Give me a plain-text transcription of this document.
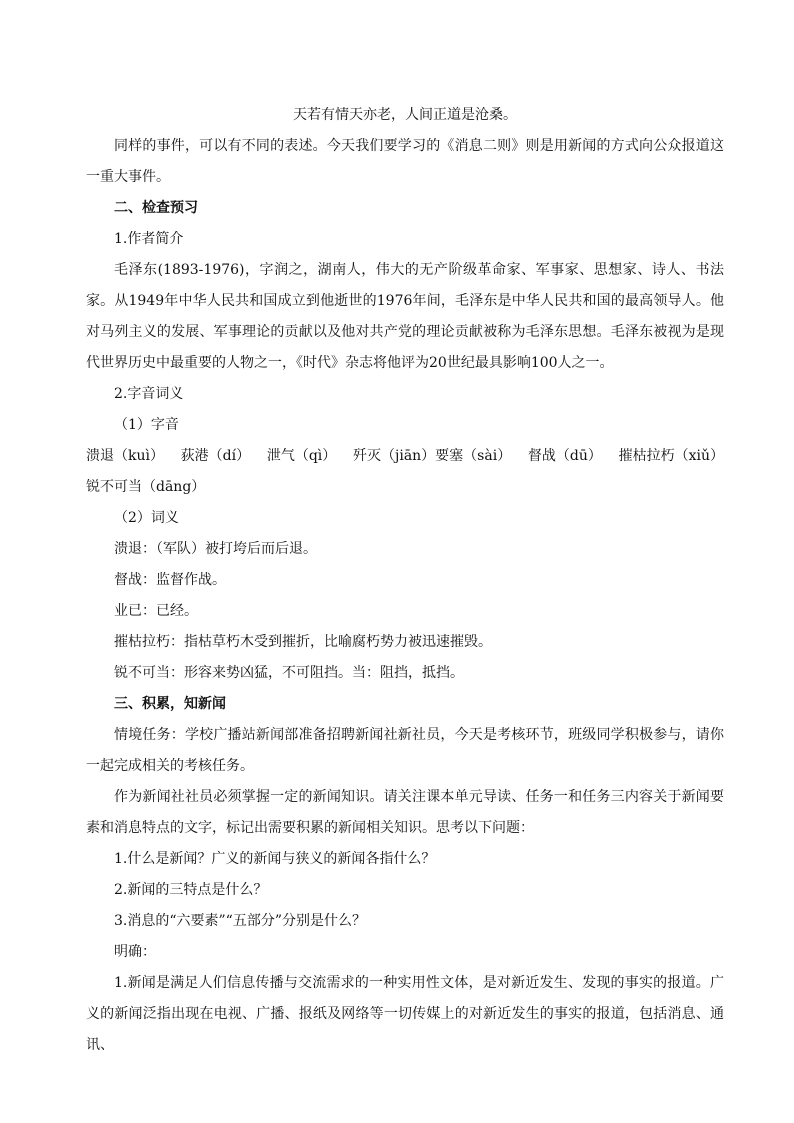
天若有情天亦老，人间正道是沧桑。

同样的事件，可以有不同的表述。今天我们要学习的《消息二则》则是用新闻的方式向公众报道这一重大事件。

二、检查预习

1.作者简介

毛泽东(1893-1976)，字润之，湖南人，伟大的无产阶级革命家、军事家、思想家、诗人、书法家。从1949年中华人民共和国成立到他逝世的1976年间，毛泽东是中华人民共和国的最高领导人。他对马列主义的发展、军事理论的贡献以及他对共产党的理论贡献被称为毛泽东思想。毛泽东被视为是现代世界历史中最重要的人物之一，《时代》杂志将他评为20世纪最具影响100人之一。

2.字音词义

（1）字音

溃退（kuì） 荻港（dí） 泄气（qì） 歼灭（jiān）要塞（sài） 督战（dū） 摧枯拉朽（xiǔ）

锐不可当（dāng）

（2）词义

溃退：（军队）被打垮后而后退。

督战：监督作战。

业已：已经。

摧枯拉朽：指枯草朽木受到摧折，比喻腐朽势力被迅速摧毁。

锐不可当：形容来势凶猛，不可阻挡。当：阻挡，抵挡。

三、积累，知新闻

情境任务：学校广播站新闻部准备招聘新闻社新社员，今天是考核环节，班级同学积极参与，请你一起完成相关的考核任务。

作为新闻社社员必须掌握一定的新闻知识。请关注课本单元导读、任务一和任务三内容关于新闻要素和消息特点的文字，标记出需要积累的新闻相关知识。思考以下问题：

1.什么是新闻？广义的新闻与狭义的新闻各指什么？

2.新闻的三特点是什么？

3.消息的“六要素”“五部分”分别是什么？

明确：

1.新闻是满足人们信息传播与交流需求的一种实用性文体，是对新近发生、发现的事实的报道。广义的新闻泛指出现在电视、广播、报纸及网络等一切传媒上的对新近发生的事实的报道，包括消息、通讯、
